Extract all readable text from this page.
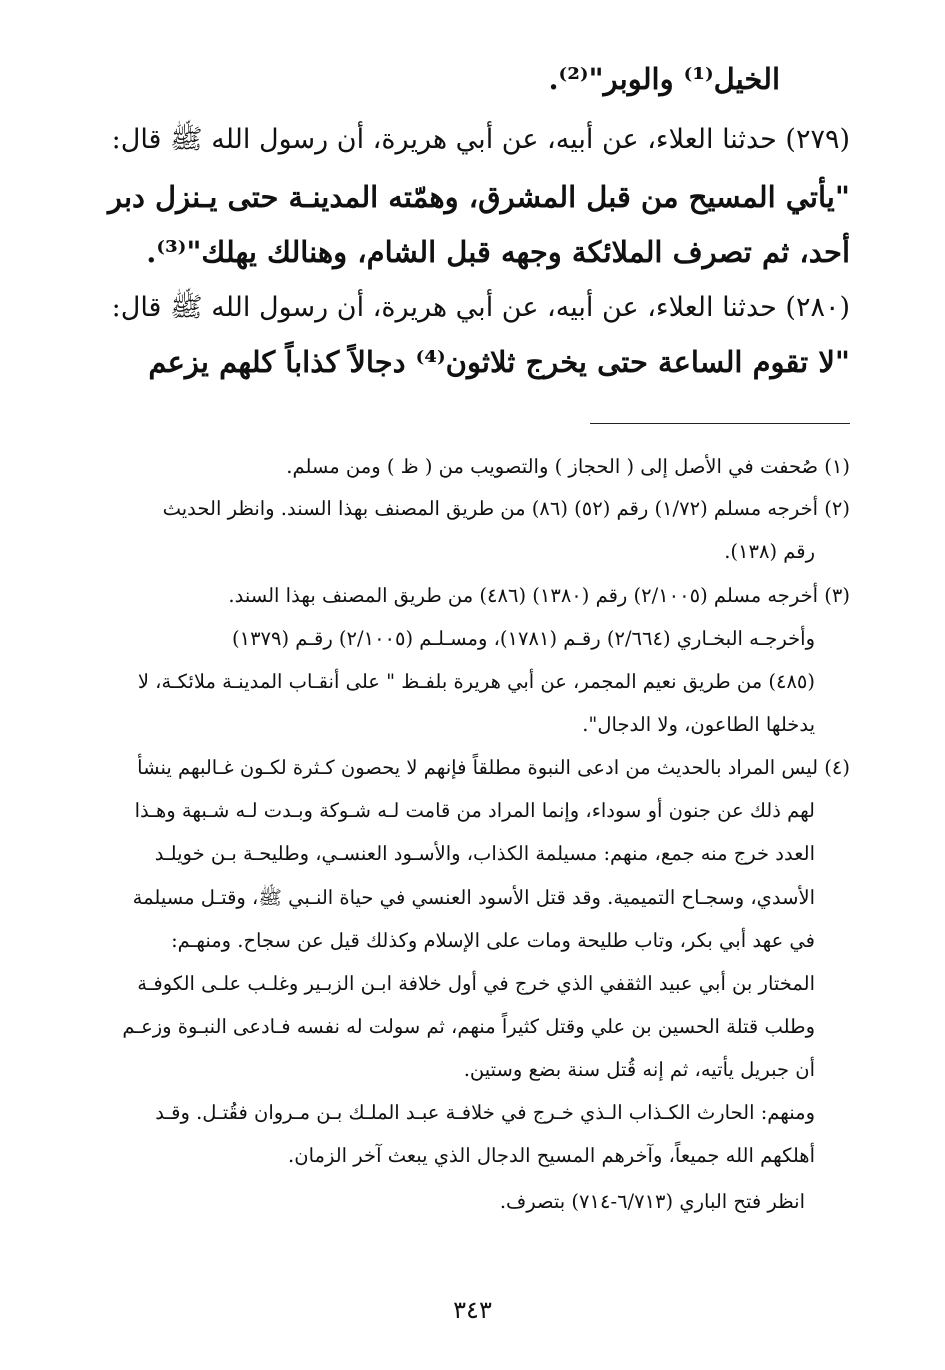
الخيل⁽¹⁾ والوبر"⁽²⁾.
(٢٧٩) حدثنا العلاء، عن أبيه، عن أبي هريرة، أن رسول الله ﷺ قال:
"يأتي المسيح من قبل المشرق، وهمّته المدينـة حتى يـنزل دبر
أحد، ثم تصرف الملائكة وجهه قبل الشام، وهنالك يهلك"⁽³⁾.
(٢٨٠) حدثنا العلاء، عن أبيه، عن أبي هريرة، أن رسول الله ﷺ قال:
"لا تقوم الساعة حتى يخرج ثلاثون⁽⁴⁾ دجالاً كذاباً كلهم يزعم
(١) صُحفت في الأصل إلى ( الحجاز ) والتصويب من ( ظ ) ومن مسلم.
(٢) أخرجه مسلم (١/٧٢) رقم (٥٢) (٨٦) من طريق المصنف بهذا السند. وانظر الحديث
رقم (١٣٨).
(٣) أخرجه مسلم (٢/١٠٠٥) رقم (١٣٨٠) (٤٨٦) من طريق المصنف بهذا السند.
وأخرجـه البخـاري (٢/٦٦٤) رقـم (١٧٨١)، ومسـلـم (٢/١٠٠٥) رقـم (١٣٧٩)
(٤٨٥) من طريق نعيم المجمر، عن أبي هريرة بلفـظ " على أنقـاب المدينـة ملائكـة، لا
يدخلها الطاعون، ولا الدجال".
(٤) ليس المراد بالحديث من ادعى النبوة مطلقاً فإنهم لا يحصون كـثرة لكـون غـالبهم ينشأ
لهم ذلك عن جنون أو سوداء، وإنما المراد من قامت لـه شـوكة وبـدت لـه شـبهة وهـذا
العدد خرج منه جمع، منهم: مسيلمة الكذاب، والأسـود العنسـي، وطليحـة بـن خويلـد
الأسدي، وسجـاح التميمية. وقد قتل الأسود العنسي في حياة النـبي ﷺ، وقتـل مسيلمة
في عهد أبي بكر، وتاب طليحة ومات على الإسلام وكذلك قيل عن سجاح. ومنهـم:
المختار بن أبي عبيد الثقفي الذي خرج في أول خلافة ابـن الزبـير وغلـب علـى الكوفـة
وطلب قتلة الحسين بن علي وقتل كثيراً منهم، ثم سولت له نفسه فـادعى النبـوة وزعـم
أن جبريل يأتيه، ثم إنه قُتل سنة بضع وستين.
ومنهم: الحارث الكـذاب الـذي خـرج في خلافـة عبـد الملـك بـن مـروان فقُتـل. وقـد
أهلكهم الله جميعاً، وآخرهم المسيح الدجال الذي يبعث آخر الزمان.
انظر فتح الباري (٦/٧١٣-٧١٤) بتصرف.
٣٤٣
